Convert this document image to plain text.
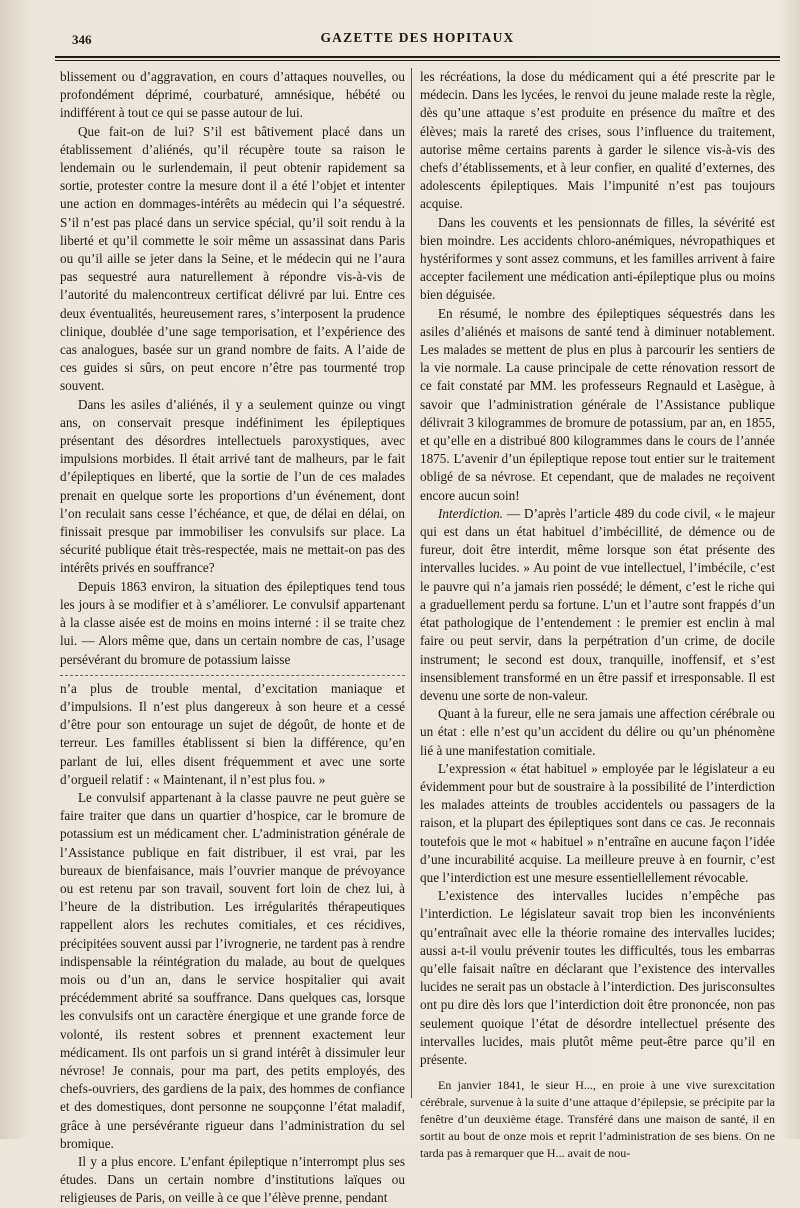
346	GAZETTE DES HOPITAUX

blissement ou d’aggravation, en cours d’attaques nouvelles, ou profondément déprimé, courbaturé, amnésique, hébété ou indifférent à tout ce qui se passe autour de lui.

Que fait-on de lui? S’il est bâtivement placé dans un établissement d’aliénés, qu’il récupère toute sa raison le lendemain ou le surlendemain, il peut obtenir rapidement sa sortie, protester contre la mesure dont il a été l’objet et intenter une action en dommages-intérêts au médecin qui l’a séquestré. S’il n’est pas placé dans un service spécial, qu’il soit rendu à la liberté et qu’il commette le soir même un assassinat dans Paris ou qu’il aille se jeter dans la Seine, et le médecin qui ne l’aura pas sequestré aura naturellement à répondre vis-à-vis de l’autorité du malencontreux certificat délivré par lui. Entre ces deux éventualités, heureusement rares, s’interposent la prudence clinique, doublée d’une sage temporisation, et l’expérience des cas analogues, basée sur un grand nombre de faits. A l’aide de ces guides si sûrs, on peut encore n’être pas tourmenté trop souvent.

Dans les asiles d’aliénés, il y a seulement quinze ou vingt ans, on conservait presque indéfiniment les épileptiques présentant des désordres intellectuels paroxystiques, avec impulsions morbides. Il était arrivé tant de malheurs, par le fait d’épileptiques en liberté, que la sortie de l’un de ces malades prenait en quelque sorte les proportions d’un événement, dont l’on reculait sans cesse l’échéance, et que, de délai en délai, on finissait presque par immobiliser les convulsifs sur place. La sécurité publique était très-respectée, mais ne mettait-on pas des intérêts privés en souffrance?

Depuis 1863 environ, la situation des épileptiques tend tous les jours à se modifier et à s’améliorer. Le convulsif appartenant à la classe aisée est de moins en moins interné : il se traite chez lui. — Alors même que, dans un certain nombre de cas, l’usage persévérant du bromure de potassium laisse

n’a plus de trouble mental, d’excitation maniaque et d’impulsions. Il n’est plus dangereux à son heure et a cessé d’être pour son entourage un sujet de dégoût, de honte et de terreur. Les familles établissent si bien la différence, qu’en parlant de lui, elles disent fréquemment et avec une sorte d’orgueil relatif : « Maintenant, il n’est plus fou. »

Le convulsif appartenant à la classe pauvre ne peut guère se faire traiter que dans un quartier d’hospice, car le bromure de potassium est un médicament cher. L’administration générale de l’Assistance publique en fait distribuer, il est vrai, par les bureaux de bienfaisance, mais l’ouvrier manque de prévoyance ou est retenu par son travail, souvent fort loin de chez lui, à l’heure de la distribution. Les irrégularités thérapeutiques rappellent alors les rechutes comitiales, et ces récidives, précipitées souvent aussi par l’ivrognerie, ne tardent pas à rendre indispensable la réintégration du malade, au bout de quelques mois ou d’un an, dans le service hospitalier qui avait précédemment abrité sa souffrance. Dans quelques cas, lorsque les convulsifs ont un caractère énergique et une grande force de volonté, ils restent sobres et prennent exactement leur médicament. Ils ont parfois un si grand intérêt à dissimuler leur névrose! Je connais, pour ma part, des petits employés, des chefs-ouvriers, des gardiens de la paix, des hommes de confiance et des domestiques, dont personne ne soupçonne l’état maladif, grâce à une persévérante rigueur dans l’administration du sel bromique.

Il y a plus encore. L’enfant épileptique n’interrompt plus ses études. Dans un certain nombre d’institutions laïques ou religieuses de Paris, on veille à ce que l’élève prenne, pendant

les récréations, la dose du médicament qui a été prescrite par le médecin. Dans les lycées, le renvoi du jeune malade reste la règle, dès qu’une attaque s’est produite en présence du maître et des élèves; mais la rareté des crises, sous l’influence du traitement, autorise même certains parents à garder le silence vis-à-vis des chefs d’établissements, et à leur confier, en qualité d’externes, des adolescents épileptiques. Mais l’impunité n’est pas toujours acquise.

Dans les couvents et les pensionnats de filles, la sévérité est bien moindre. Les accidents chloro-anémiques, névropathiques et hystériformes y sont assez communs, et les familles arrivent à faire accepter facilement une médication anti-épileptique plus ou moins bien déguisée.

En résumé, le nombre des épileptiques séquestrés dans les asiles d’aliénés et maisons de santé tend à diminuer notablement. Les malades se mettent de plus en plus à parcourir les sentiers de la vie normale. La cause principale de cette rénovation ressort de ce fait constaté par MM. les professeurs Regnauld et Lasègue, à savoir que l’administration générale de l’Assistance publique délivrait 3 kilogrammes de bromure de potassium, par an, en 1855, et qu’elle en a distribué 800 kilogrammes dans le cours de l’année 1875. L’avenir d’un épileptique repose tout entier sur le traitement obligé de sa névrose. Et cependant, que de malades ne reçoivent encore aucun soin!

Interdiction. — D’après l’article 489 du code civil, « le majeur qui est dans un état habituel d’imbécillité, de démence ou de fureur, doit être interdit, même lorsque son état présente des intervalles lucides. » Au point de vue intellectuel, l’imbécile, c’est le pauvre qui n’a jamais rien possédé; le dément, c’est le riche qui a graduellement perdu sa fortune. L’un et l’autre sont frappés d’un état pathologique de l’entendement : le premier est enclin à mal faire ou peut servir, dans la perpétration d’un crime, de docile instrument; le second est doux, tranquille, inoffensif, et s’est insensiblement transformé en un être passif et irresponsable. Il est devenu une sorte de non-valeur.

Quant à la fureur, elle ne sera jamais une affection cérébrale ou un état : elle n’est qu’un accident du délire ou qu’un phénomène lié à une manifestation comitiale.

L’expression « état habituel » employée par le législateur a eu évidemment pour but de soustraire à la possibilité de l’interdiction les malades atteints de troubles accidentels ou passagers de la raison, et la plupart des épileptiques sont dans ce cas. Je reconnais toutefois que le mot « habituel » n’entraîne en aucune façon l’idée d’une incurabilité acquise. La meilleure preuve à en fournir, c’est que l’interdiction est une mesure essentiellellement révocable.

L’existence des intervalles lucides n’empêche pas l’interdiction. Le législateur savait trop bien les inconvénients qu’entraînait avec elle la théorie romaine des intervalles lucides; aussi a-t-il voulu prévenir toutes les difficultés, tous les embarras qu’elle faisait naître en déclarant que l’existence des intervalles lucides ne serait pas un obstacle à l’interdiction. Des jurisconsultes ont pu dire dès lors que l’interdiction doit être prononcée, non pas seulement quoique l’état de désordre intellectuel présente des intervalles lucides, mais plutôt même peut-être parce qu’il en présente.

En janvier 1841, le sieur H..., en proie à une vive surexcitation cérébrale, survenue à la suite d’une attaque d’épilepsie, se précipite par la fenêtre d’un deuxième étage. Transféré dans une maison de santé, il en sortit au bout de onze mois et reprit l’administration de ses biens. On ne tarda pas à remarquer que H... avait de nou-
